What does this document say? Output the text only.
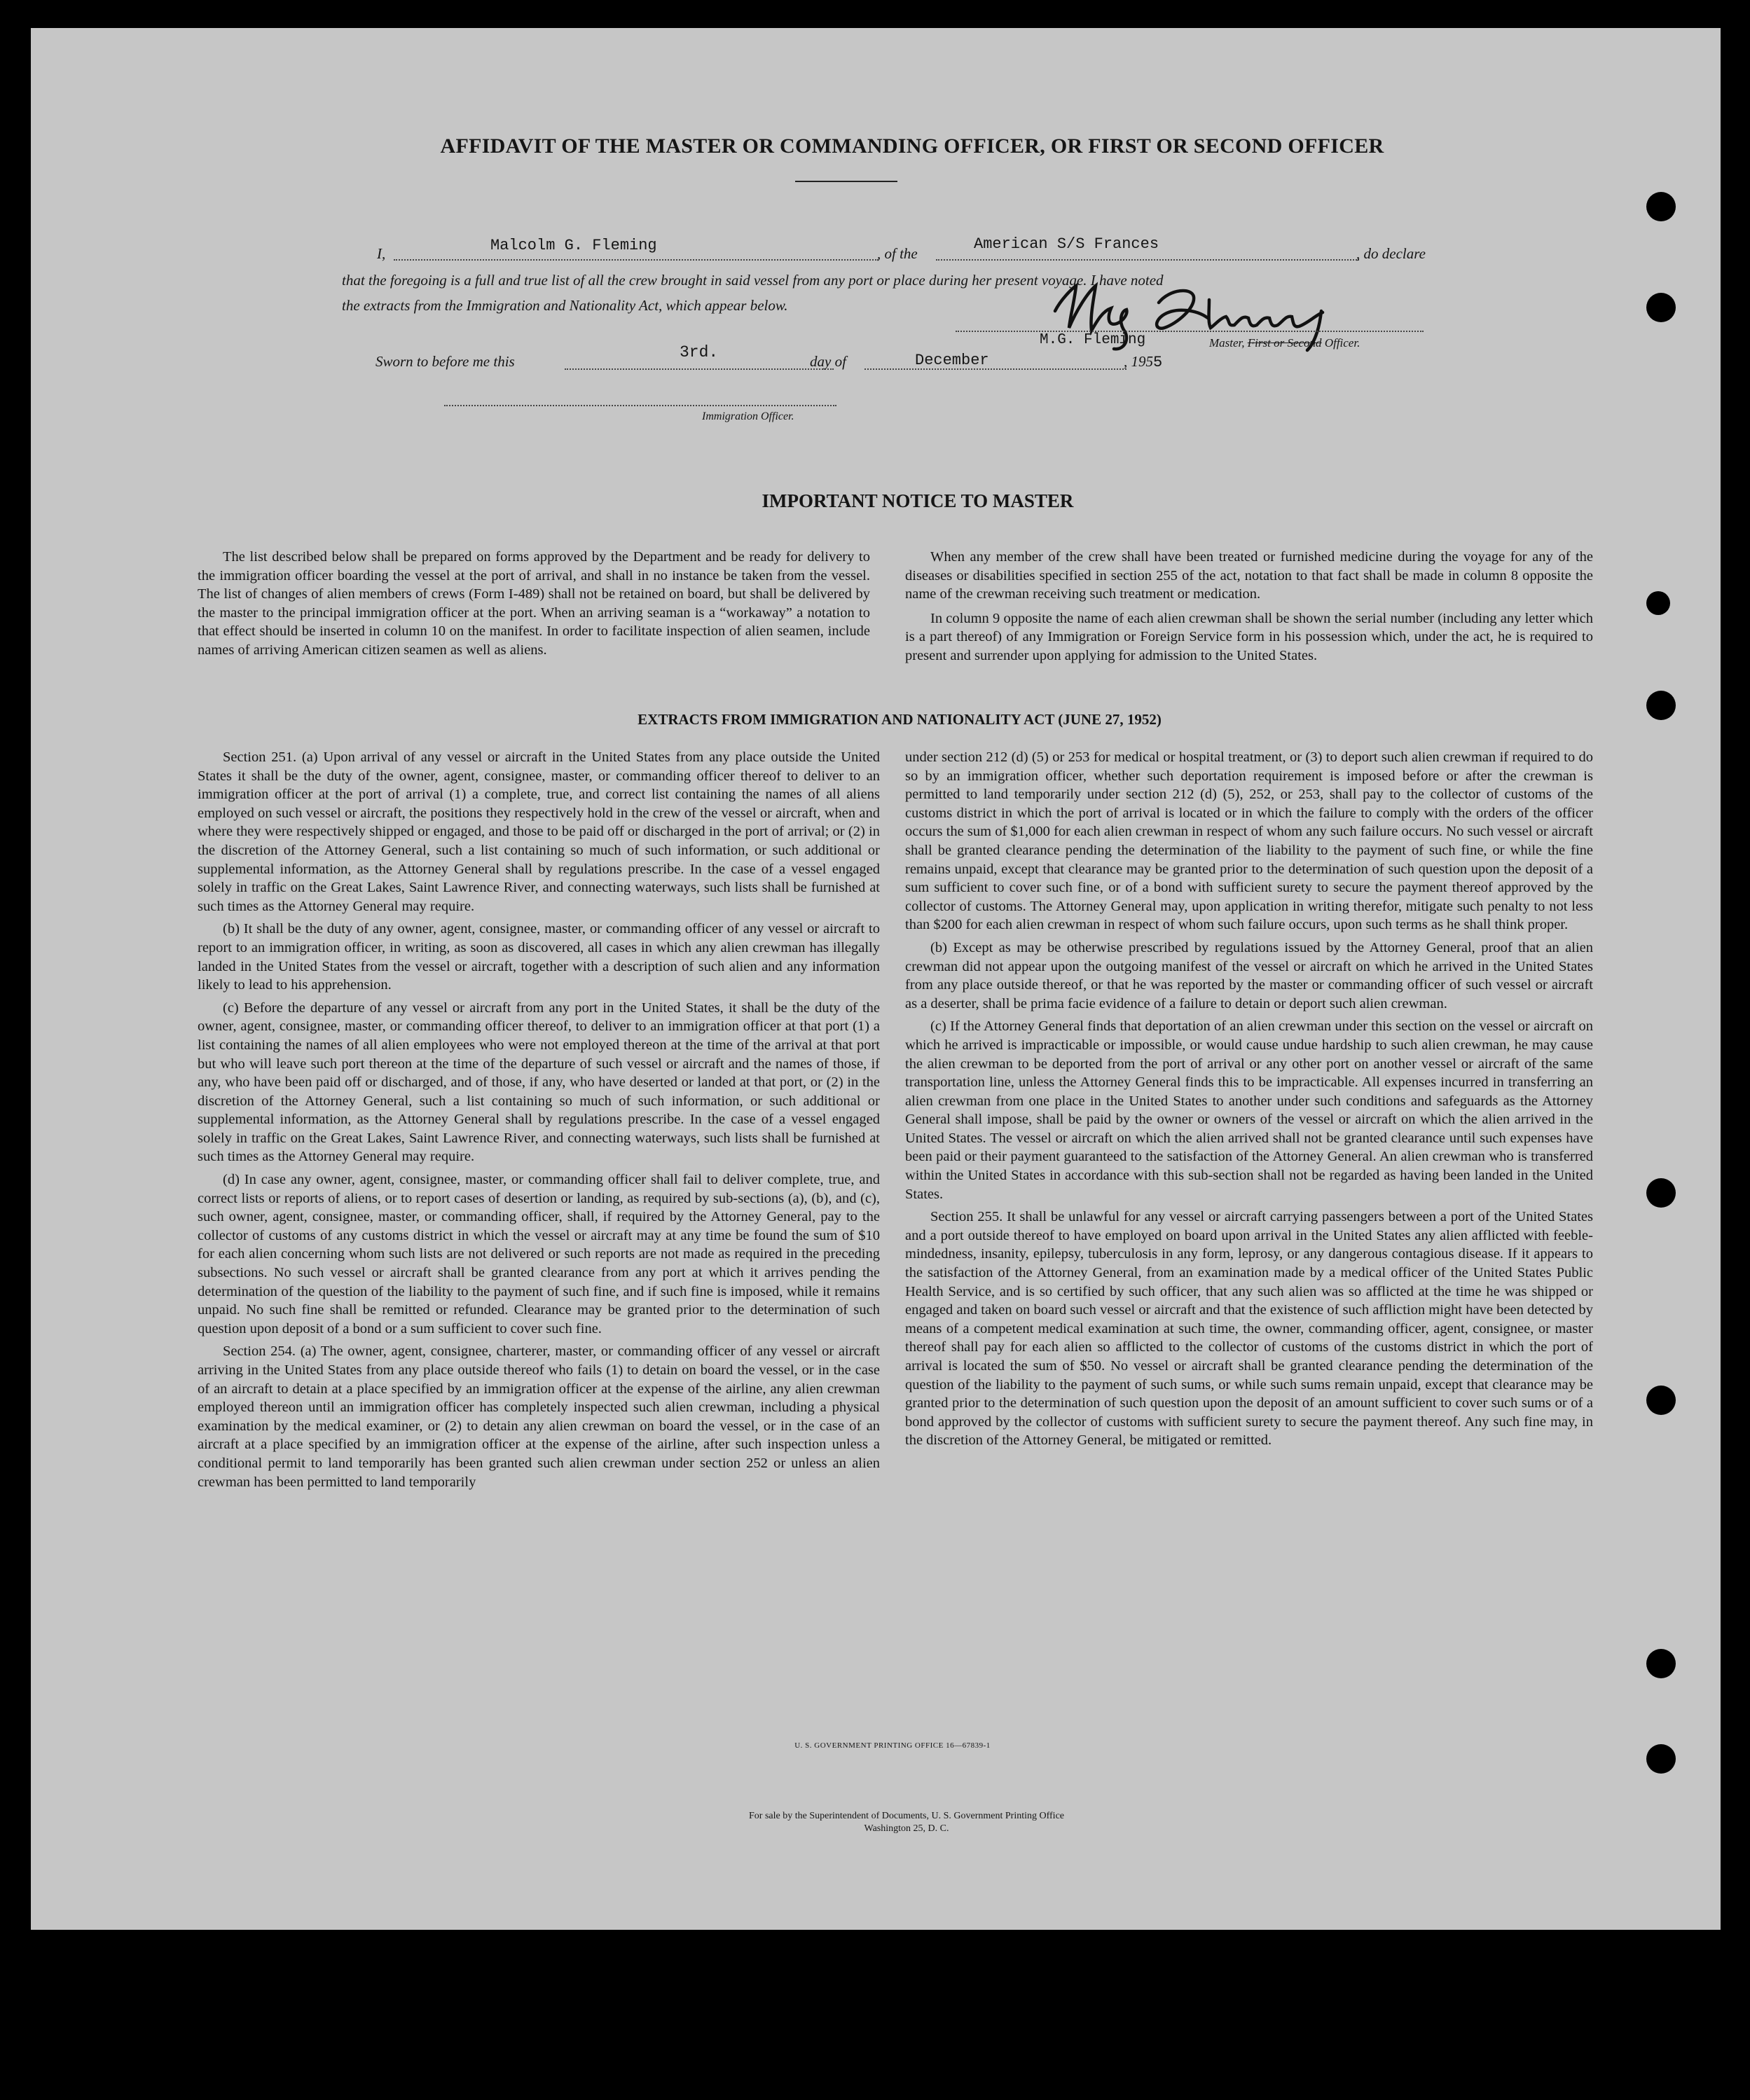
AFFIDAVIT OF THE MASTER OR COMMANDING OFFICER, OR FIRST OR SECOND OFFICER
I,	Malcolm G. Fleming	, of the
American S/S Frances
, do declare
that the foregoing is a full and true list of all the crew brought in said vessel from any port or place during her present voyage. I have noted
the extracts from the Immigration and Nationality Act, which appear below.
M.G. Fleming	Master, First or Second Officer.
Sworn to before me this	3rd.	day of	December	, 1955
Immigration Officer.
IMPORTANT NOTICE TO MASTER

The list described below shall be prepared on forms approved by the Department and be ready for delivery to the immigration officer boarding the vessel at the port of arrival, and shall in no instance be taken from the vessel. The list of changes of alien members of crews (Form I-489) shall not be retained on board, but shall be delivered by the master to the principal immigration officer at the port. When an arriving seaman is a “workaway” a notation to that effect should be inserted in column 10 on the manifest. In order to facilitate inspection of alien seamen, include names of arriving American citizen seamen as well as aliens.

When any member of the crew shall have been treated or furnished medicine during the voyage for any of the diseases or disabilities specified in section 255 of the act, notation to that fact shall be made in column 8 opposite the name of the crewman receiving such treatment or medication.

In column 9 opposite the name of each alien crewman shall be shown the serial number (including any letter which is a part thereof) of any Immigration or Foreign Service form in his possession which, under the act, he is required to present and surrender upon applying for admission to the United States.

EXTRACTS FROM IMMIGRATION AND NATIONALITY ACT (JUNE 27, 1952)

Section 251. (a) Upon arrival of any vessel or aircraft in the United States from any place outside the United States it shall be the duty of the owner, agent, consignee, master, or commanding officer thereof to deliver to an immigration officer at the port of arrival (1) a complete, true, and correct list containing the names of all aliens employed on such vessel or aircraft, the positions they respectively hold in the crew of the vessel or aircraft, when and where they were respectively shipped or engaged, and those to be paid off or discharged in the port of arrival; or (2) in the discretion of the Attorney General, such a list containing so much of such information, or such additional or supplemental information, as the Attorney General shall by regulations prescribe. In the case of a vessel engaged solely in traffic on the Great Lakes, Saint Lawrence River, and connecting waterways, such lists shall be furnished at such times as the Attorney General may require.

(b) It shall be the duty of any owner, agent, consignee, master, or commanding officer of any vessel or aircraft to report to an immigration officer, in writing, as soon as discovered, all cases in which any alien crewman has illegally landed in the United States from the vessel or aircraft, together with a description of such alien and any information likely to lead to his apprehension.

(c) Before the departure of any vessel or aircraft from any port in the United States, it shall be the duty of the owner, agent, consignee, master, or commanding officer thereof, to deliver to an immigration officer at that port (1) a list containing the names of all alien employees who were not employed thereon at the time of the arrival at that port but who will leave such port thereon at the time of the departure of such vessel or aircraft and the names of those, if any, who have been paid off or discharged, and of those, if any, who have deserted or landed at that port, or (2) in the discretion of the Attorney General, such a list containing so much of such information, or such additional or supplemental information, as the Attorney General shall by regulations prescribe. In the case of a vessel engaged solely in traffic on the Great Lakes, Saint Lawrence River, and connecting waterways, such lists shall be furnished at such times as the Attorney General may require.

(d) In case any owner, agent, consignee, master, or commanding officer shall fail to deliver complete, true, and correct lists or reports of aliens, or to report cases of desertion or landing, as required by sub-sections (a), (b), and (c), such owner, agent, consignee, master, or commanding officer, shall, if required by the Attorney General, pay to the collector of customs of any customs district in which the vessel or aircraft may at any time be found the sum of $10 for each alien concerning whom such lists are not delivered or such reports are not made as required in the preceding subsections. No such vessel or aircraft shall be granted clearance from any port at which it arrives pending the determination of the question of the liability to the payment of such fine, and if such fine is imposed, while it remains unpaid. No such fine shall be remitted or refunded. Clearance may be granted prior to the determination of such question upon deposit of a bond or a sum sufficient to cover such fine.

Section 254. (a) The owner, agent, consignee, charterer, master, or commanding officer of any vessel or aircraft arriving in the United States from any place outside thereof who fails (1) to detain on board the vessel, or in the case of an aircraft to detain at a place specified by an immigration officer at the expense of the airline, any alien crewman employed thereon until an immigration officer has completely inspected such alien crewman, including a physical examination by the medical examiner, or (2) to detain any alien crewman on board the vessel, or in the case of an aircraft at a place specified by an immigration officer at the expense of the airline, after such inspection unless a conditional permit to land temporarily has been granted such alien crewman under section 252 or unless an alien crewman has been permitted to land temporarily

under section 212 (d) (5) or 253 for medical or hospital treatment, or (3) to deport such alien crewman if required to do so by an immigration officer, whether such deportation requirement is imposed before or after the crewman is permitted to land temporarily under section 212 (d) (5), 252, or 253, shall pay to the collector of customs of the customs district in which the port of arrival is located or in which the failure to comply with the orders of the officer occurs the sum of $1,000 for each alien crewman in respect of whom any such failure occurs. No such vessel or aircraft shall be granted clearance pending the determination of the liability to the payment of such fine, or while the fine remains unpaid, except that clearance may be granted prior to the determination of such question upon the deposit of a sum sufficient to cover such fine, or of a bond with sufficient surety to secure the payment thereof approved by the collector of customs. The Attorney General may, upon application in writing therefor, mitigate such penalty to not less than $200 for each alien crewman in respect of whom such failure occurs, upon such terms as he shall think proper.

(b) Except as may be otherwise prescribed by regulations issued by the Attorney General, proof that an alien crewman did not appear upon the outgoing manifest of the vessel or aircraft on which he arrived in the United States from any place outside thereof, or that he was reported by the master or commanding officer of such vessel or aircraft as a deserter, shall be prima facie evidence of a failure to detain or deport such alien crewman.

(c) If the Attorney General finds that deportation of an alien crewman under this section on the vessel or aircraft on which he arrived is impracticable or impossible, or would cause undue hardship to such alien crewman, he may cause the alien crewman to be deported from the port of arrival or any other port on another vessel or aircraft of the same transportation line, unless the Attorney General finds this to be impracticable. All expenses incurred in transferring an alien crewman from one place in the United States to another under such conditions and safeguards as the Attorney General shall impose, shall be paid by the owner or owners of the vessel or aircraft on which the alien arrived in the United States. The vessel or aircraft on which the alien arrived shall not be granted clearance until such expenses have been paid or their payment guaranteed to the satisfaction of the Attorney General. An alien crewman who is transferred within the United States in accordance with this sub-section shall not be regarded as having been landed in the United States.

Section 255. It shall be unlawful for any vessel or aircraft carrying passengers between a port of the United States and a port outside thereof to have employed on board upon arrival in the United States any alien afflicted with feeble-mindedness, insanity, epilepsy, tuberculosis in any form, leprosy, or any dangerous contagious disease. If it appears to the satisfaction of the Attorney General, from an examination made by a medical officer of the United States Public Health Service, and is so certified by such officer, that any such alien was so afflicted at the time he was shipped or engaged and taken on board such vessel or aircraft and that the existence of such affliction might have been detected by means of a competent medical examination at such time, the owner, commanding officer, agent, consignee, or master thereof shall pay for each alien so afflicted to the collector of customs of the customs district in which the port of arrival is located the sum of $50. No vessel or aircraft shall be granted clearance pending the determination of the question of the liability to the payment of such sums, or while such sums remain unpaid, except that clearance may be granted prior to the determination of such question upon the deposit of an amount sufficient to cover such sums or of a bond approved by the collector of customs with sufficient surety to secure the payment thereof. Any such fine may, in the discretion of the Attorney General, be mitigated or remitted.

U. S. GOVERNMENT PRINTING OFFICE 16—67839-1
For sale by the Superintendent of Documents, U. S. Government Printing Office
Washington 25, D. C.
